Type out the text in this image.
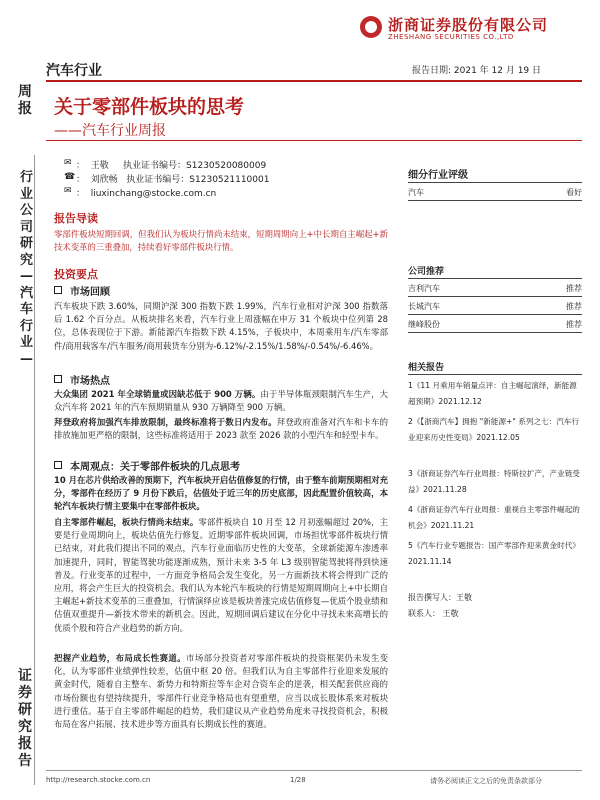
浙商证券股份有限公司
ZHESHANG SECURITIES CO.,LTD
汽车行业	报告日期: 2021 年 12 月 19 日
周报
行业公司研究—汽车行业—
证券研究报告
关于零部件板块的思考
——汽车行业周报
✉ ：  王敬     执业证书编号：S1230520080009
☎ ：  刘欣畅   执业证书编号：S1230521110001
✉ ：  liuxinchang@stocke.com.cn
报告导读
零部件板块短期回调，但我们认为板块行情尚未结束，短期周期向上+中长期自主崛起+新技术变革的三重叠加，持续看好零部件板块行情。
投资要点
市场回顾
汽车板块下跌 3.60%，同期沪深 300 指数下跌 1.99%，汽车行业相对沪深 300 指数落后 1.62 个百分点。从板块排名来看，汽车行业上周涨幅在申万 31 个板块中位列第 28 位，总体表现位于下游。新能源汽车指数下跌 4.15%，子板块中，本周乘用车/汽车零部件/商用载客车/汽车服务/商用载货车分别为-6.12%/-2.15%/1.58%/-0.54%/-6.46%。
市场热点
大众集团 2021 年全球销量或因缺芯低于 900 万辆。由于半导体瓶颈限制汽车生产，大众汽车将 2021 年的汽车预期销量从 930 万辆降至 900 万辆。
拜登政府将加强汽车排放限制，最终标准将于数日内发布。拜登政府准备对汽车和卡车的排放施加更严格的限制，这些标准将适用于 2023 款至 2026 款的小型汽车和轻型卡车。
本周观点：关于零部件板块的几点思考
10 月在芯片供给改善的预期下，汽车板块开启估值修复的行情，由于整车前期预期相对充分，零部件在经历了 9 月份下跌后，估值处于近三年的历史底部，因此配置价值较高，本轮汽车板块行情主要集中在零部件板块。
自主零部件崛起，板块行情尚未结束。零部件板块自 10 月至 12 月初涨幅超过 20%，主要是行业周期向上，板块估值先行修复。近期零部件板块回调，市场担忧零部件板块行情已结束，对此我们提出不同的观点，汽车行业面临历史性的大变革，全球新能源车渗透率加速提升，同时，智能驾驶功能逐渐成熟，预计未来 3-5 年 L3 级别智能驾驶将得到快速普及。行业变革的过程中，一方面竞争格局会发生变化，另一方面新技术将会得到广泛的应用，将会产生巨大的投资机会。我们认为本轮汽车板块的行情是短期周期向上+中长期自主崛起+新技术变革的三重叠加，行情演绎应该是板块普涨完成估值修复—优质个股业绩和估值双重提升—新技术带来的新机会。因此，短期回调后建议在分化中寻找未来高增长的优质个股和符合产业趋势的新方向。
把握产业趋势，布局成长性赛道。市场部分投资者对零部件板块的投资框架仍未发生变化，认为零部件业绩弹性较差，估值中枢 20 倍。但我们认为自主零部件行业迎来发展的黄金时代，随着自主整车、新势力和特斯拉等车企对合资车企的逆袭，相关配套供应商的市场份额也有望持续提升，零部件行业竞争格局也有望重塑，应当以成长股体系来对板块进行重估。基于自主零部件崛起的趋势，我们建议从产业趋势角度来寻找投资机会，积极布局在客户拓展、技术进步等方面具有长期成长性的赛道。
细分行业评级
汽车	看好
公司推荐
吉利汽车	推荐
长城汽车	推荐
继峰股份	推荐
相关报告
1《11 月乘用车销量点评：自主崛起演绎，新能源超预期》2021.12.12
2《【浙商汽车】拥抱 "新能源+" 系列之七：汽车行业迎来历史性变局》2021.12.05
3《浙商证券汽车行业周报：特斯拉扩产，产业链受益》2021.11.28
4《浙商证券汽车行业周报：重视自主零部件崛起的机会》2021.11.21
5《汽车行业专题报告：国产零部件迎来黄金时代》2021.11.14
报告撰写人：王敬
联系人： 王敬
http://research.stocke.com.cn	1/28	请务必阅读正文之后的免责条款部分
